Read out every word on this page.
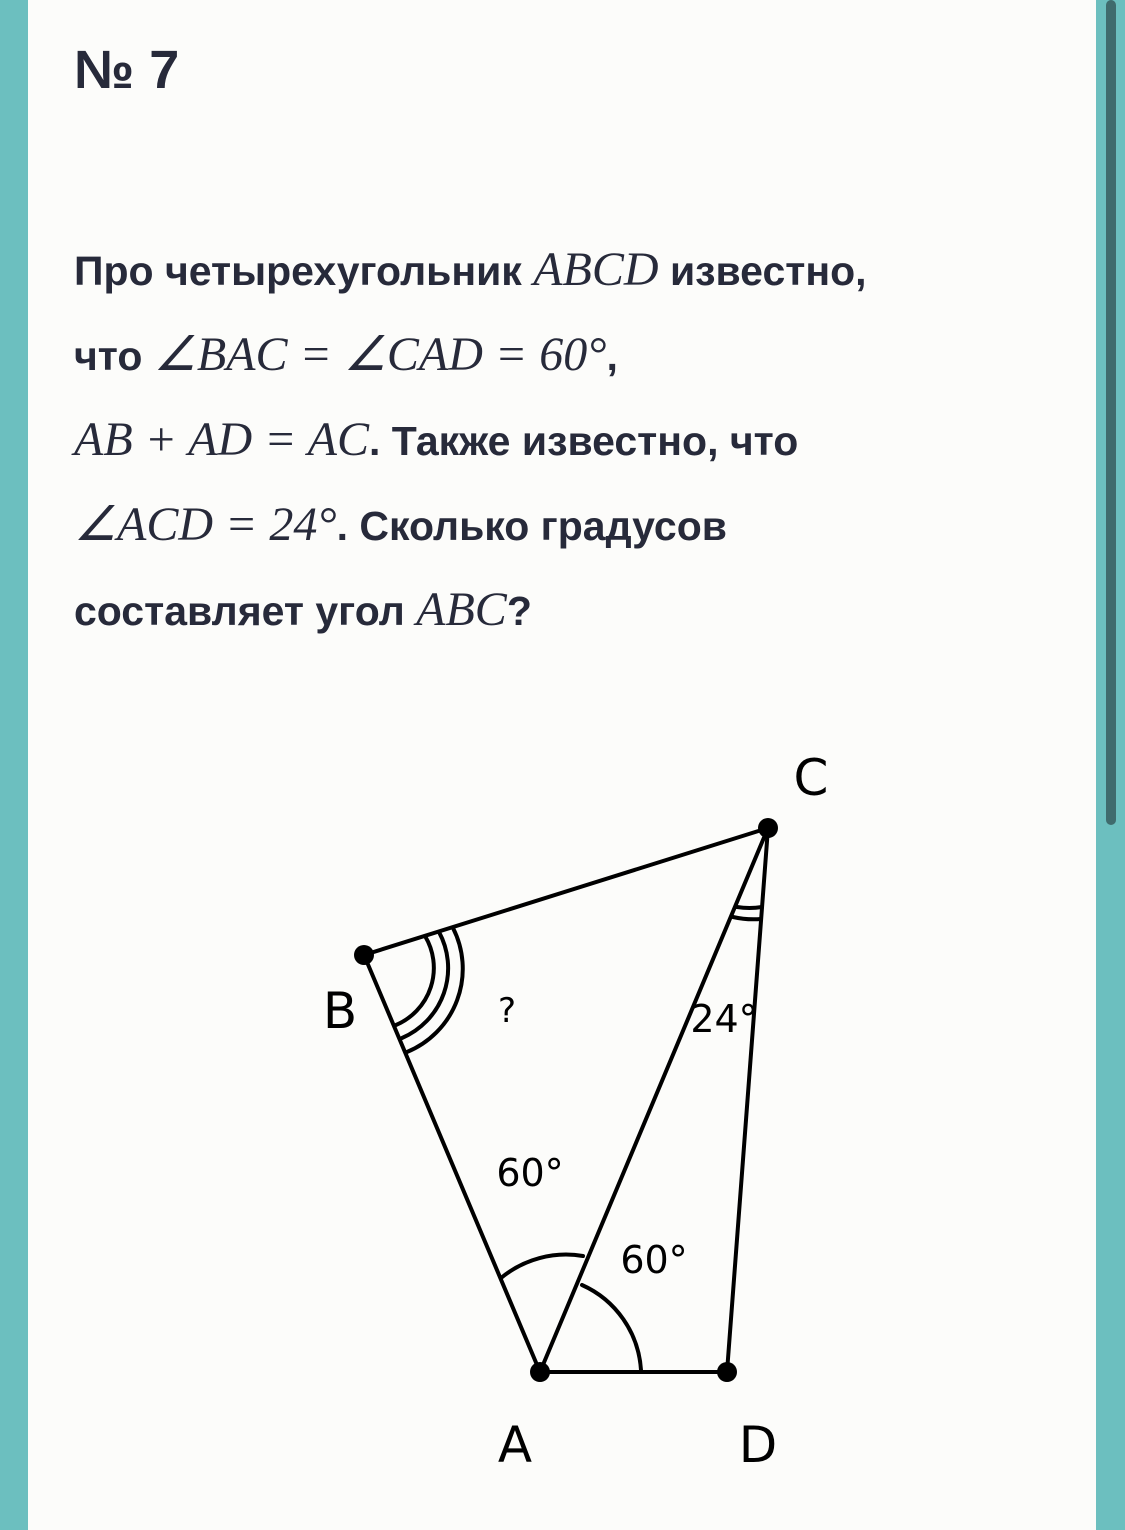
№ 7

Про четырехугольник ABCD известно,
что ∠BAC = ∠CAD = 60°,
AB + AD = AC. Также известно, что
∠ACD = 24°. Сколько градусов
составляет угол ABC?

C
B
A	D
?	24°
60°
60°
